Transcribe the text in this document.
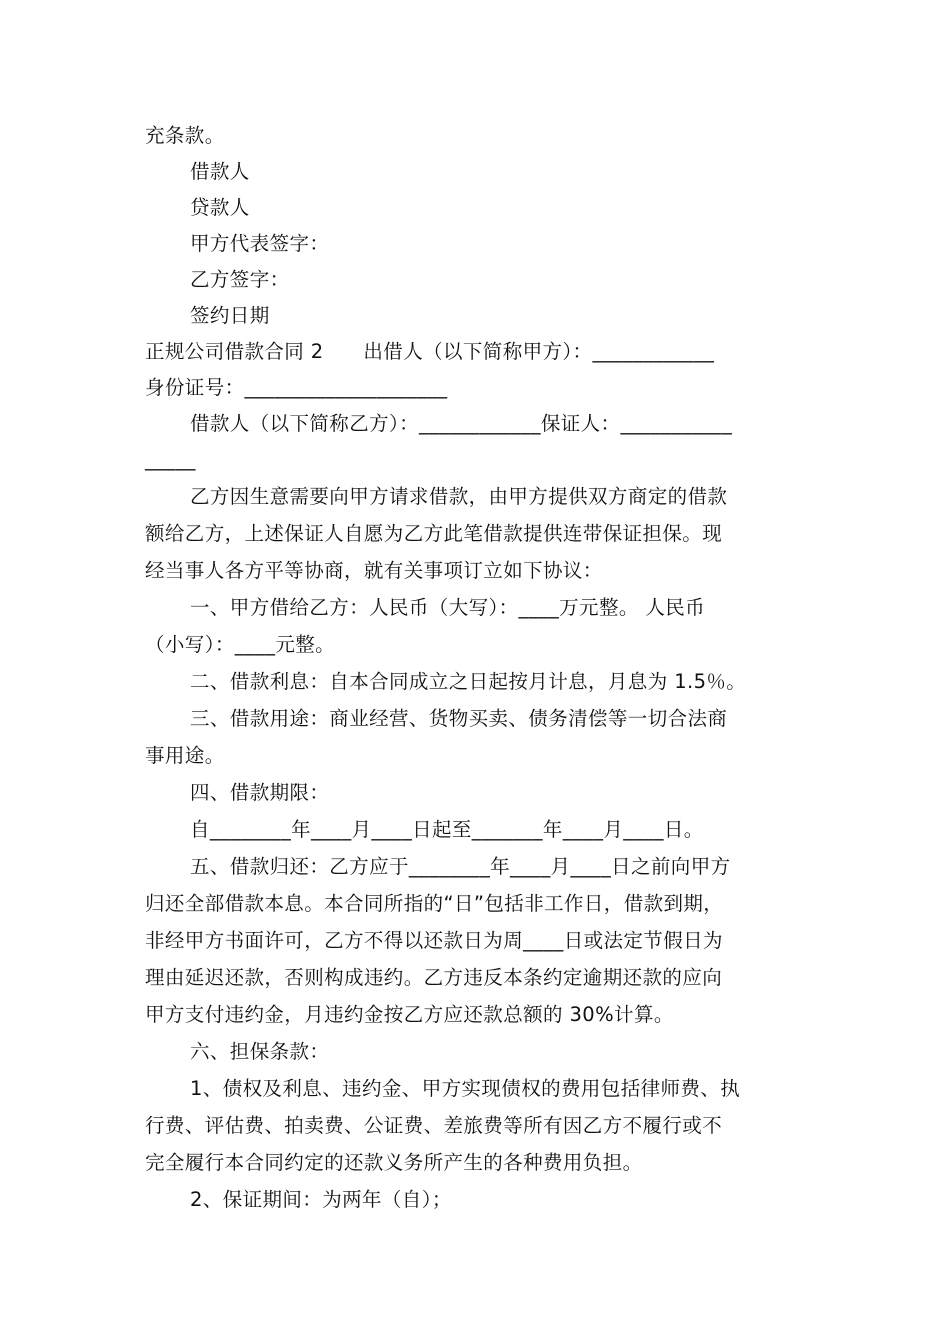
充条款。
借款人
贷款人
甲方代表签字：
乙方签字：
签约日期
正规公司借款合同 2　　出借人（以下简称甲方）：____________
身份证号：____________________
借款人（以下简称乙方）：____________保证人：___________
_____
乙方因生意需要向甲方请求借款，由甲方提供双方商定的借款
额给乙方，上述保证人自愿为乙方此笔借款提供连带保证担保。现
经当事人各方平等协商，就有关事项订立如下协议：
一、甲方借给乙方：人民币（大写）：____万元整。 人民币
（小写）：____元整。
二、借款利息：自本合同成立之日起按月计息，月息为 1.5％。
三、借款用途：商业经营、货物买卖、债务清偿等一切合法商
事用途。
四、借款期限：
自________年____月____日起至_______年____月____日。
五、借款归还：乙方应于________年____月____日之前向甲方
归还全部借款本息。本合同所指的“日”包括非工作日，借款到期，
非经甲方书面许可，乙方不得以还款日为周____日或法定节假日为
理由延迟还款，否则构成违约。乙方违反本条约定逾期还款的应向
甲方支付违约金，月违约金按乙方应还款总额的 30%计算。
六、担保条款：
1、债权及利息、违约金、甲方实现债权的费用包括律师费、执
行费、评估费、拍卖费、公证费、差旅费等所有因乙方不履行或不
完全履行本合同约定的还款义务所产生的各种费用负担。
2、保证期间：为两年（自）；
